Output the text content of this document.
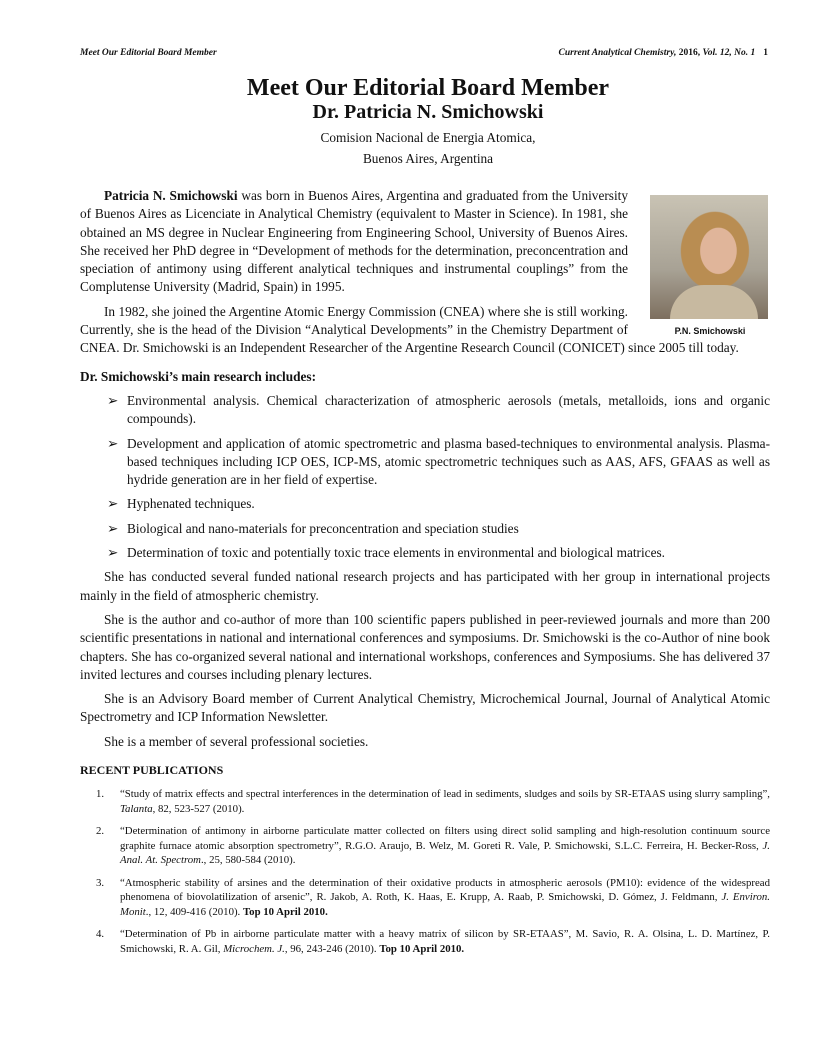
Meet Our Editorial Board Member	Current Analytical Chemistry, 2016, Vol. 12, No. 1 1
Meet Our Editorial Board Member
Dr. Patricia N. Smichowski
Comision Nacional de Energia Atomica,
Buenos Aires, Argentina
P.N. Smichowski

Patricia N. Smichowski was born in Buenos Aires, Argentina and graduated from the University of Buenos Aires as Licenciate in Analytical Chemistry (equivalent to Master in Science). In 1981, she obtained an MS degree in Nuclear Engineering from Engineering School, University of Buenos Aires. She received her PhD degree in “Development of methods for the determination, preconcentration and speciation of antimony using different analytical techniques and instrumental couplings” from the Complutense University (Madrid, Spain) in 1995.

In 1982, she joined the Argentine Atomic Energy Commission (CNEA) where she is still working. Currently, she is the head of the Division “Analytical Developments” in the Chemistry Department of CNEA. Dr. Smichowski is an Independent Researcher of the Argentine Research Council (CONICET) since 2005 till today.

Dr. Smichowski’s main research includes:
➢ Environmental analysis. Chemical characterization of atmospheric aerosols (metals, metalloids, ions and organic compounds).
➢ Development and application of atomic spectrometric and plasma based-techniques to environmental analysis. Plasma-based techniques including ICP OES, ICP-MS, atomic spectrometric techniques such as AAS, AFS, GFAAS as well as hydride generation are in her field of expertise.
➢ Hyphenated techniques.
➢ Biological and nano-materials for preconcentration and speciation studies
➢ Determination of toxic and potentially toxic trace elements in environmental and biological matrices.

She has conducted several funded national research projects and has participated with her group in international projects mainly in the field of atmospheric chemistry.

She is the author and co-author of more than 100 scientific papers published in peer-reviewed journals and more than 200 scientific presentations in national and international conferences and symposiums. Dr. Smichowski is the co-Author of nine book chapters. She has co-organized several national and international workshops, conferences and Symposiums. She has delivered 37 invited lectures and courses including plenary lectures.

She is an Advisory Board member of Current Analytical Chemistry, Microchemical Journal, Journal of Analytical Atomic Spectrometry and ICP Information Newsletter.

She is a member of several professional societies.

RECENT PUBLICATIONS
1. “Study of matrix effects and spectral interferences in the determination of lead in sediments, sludges and soils by SR-ETAAS using slurry sampling”, Talanta, 82, 523-527 (2010).
2. “Determination of antimony in airborne particulate matter collected on filters using direct solid sampling and high-resolution continuum source graphite furnace atomic absorption spectrometry”, R.G.O. Araujo, B. Welz, M. Goreti R. Vale, P. Smichowski, S.L.C. Ferreira, H. Becker-Ross, J. Anal. At. Spectrom., 25, 580-584 (2010).
3. “Atmospheric stability of arsines and the determination of their oxidative products in atmospheric aerosols (PM10): evidence of the widespread phenomena of biovolatilization of arsenic”, R. Jakob, A. Roth, K. Haas, E. Krupp, A. Raab, P. Smichowski, D. Gómez, J. Feldmann, J. Environ. Monit., 12, 409-416 (2010). Top 10 April 2010.
4. “Determination of Pb in airborne particulate matter with a heavy matrix of silicon by SR-ETAAS”, M. Savio, R. A. Olsina, L. D. Martínez, P. Smichowski, R. A. Gil, Microchem. J., 96, 243-246 (2010). Top 10 April 2010.
